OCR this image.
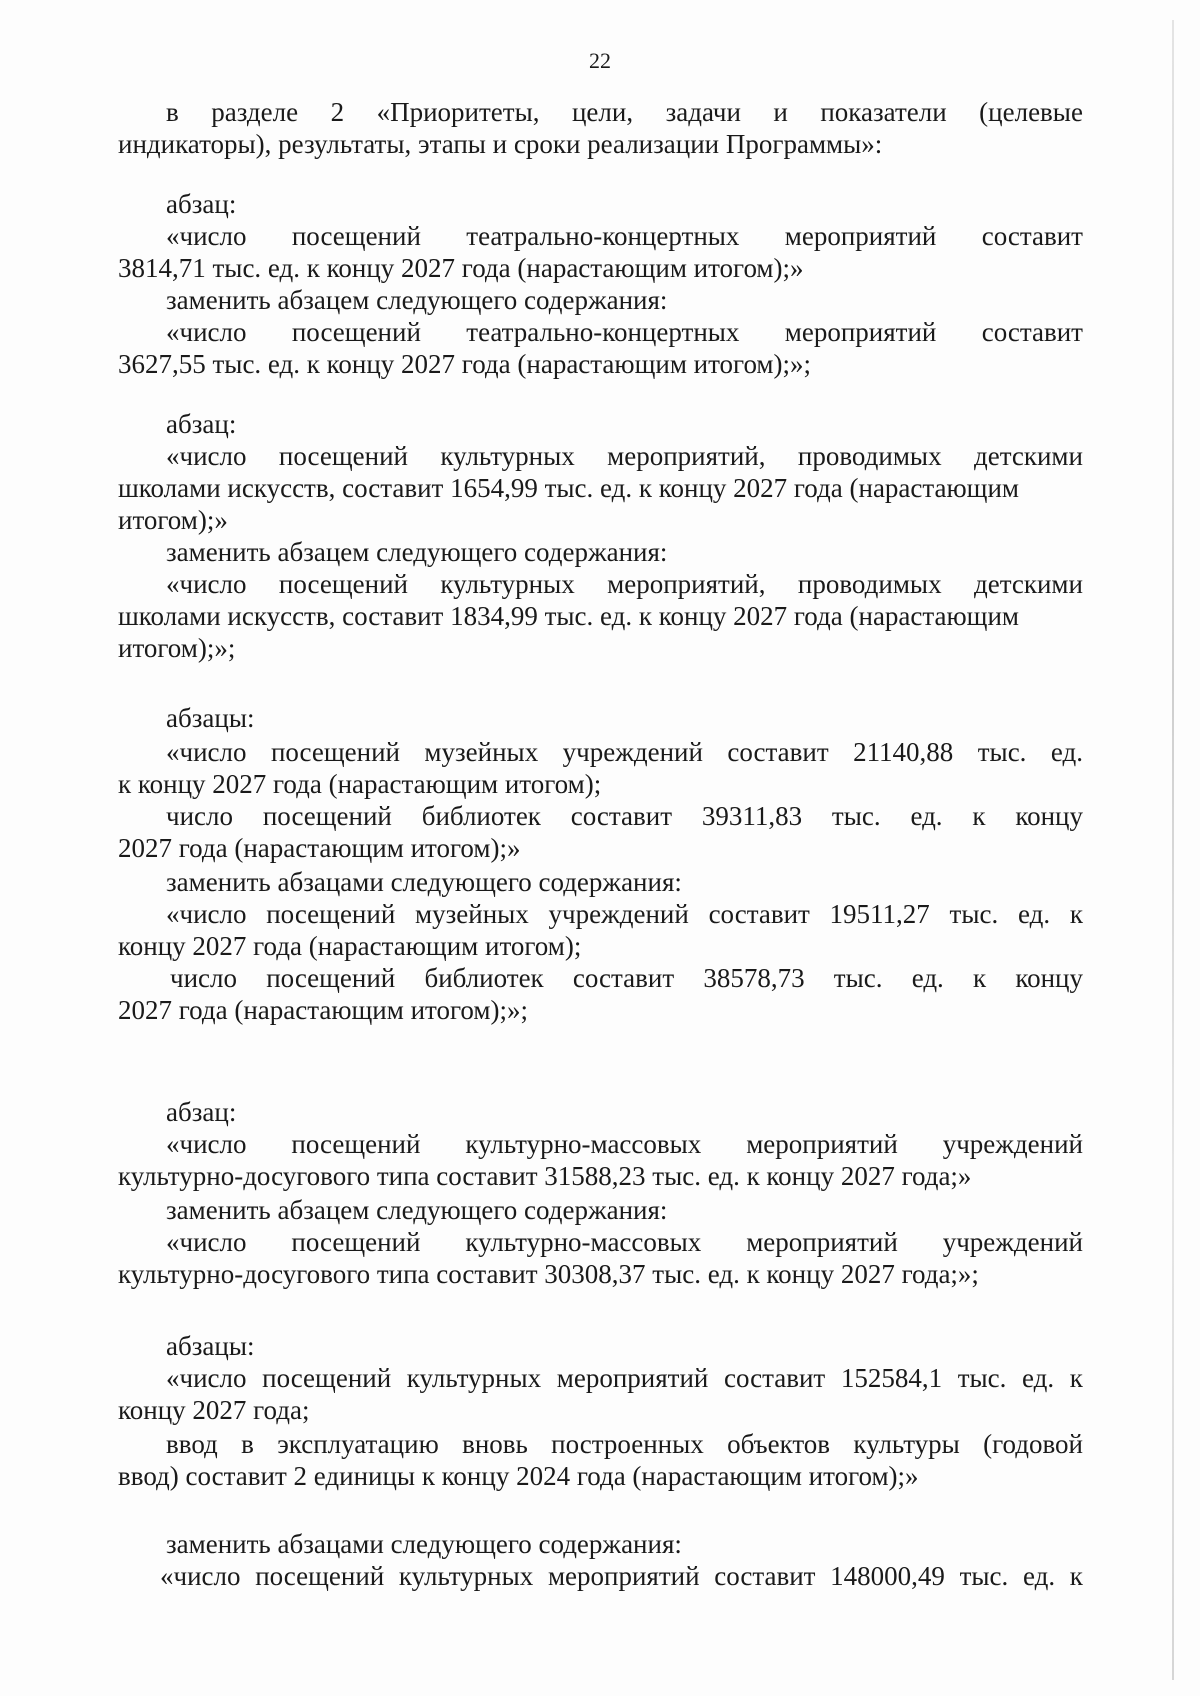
22
в разделе 2 «Приоритеты, цели, задачи и показатели (целевые
индикаторы), результаты, этапы и сроки реализации Программы»:
абзац:
«число посещений театрально-концертных мероприятий составит
3814,71 тыс. ед. к концу 2027 года (нарастающим итогом);»
заменить абзацем следующего содержания:
«число посещений театрально-концертных мероприятий составит
3627,55 тыс. ед. к концу 2027 года (нарастающим итогом);»;
абзац:
«число посещений культурных мероприятий, проводимых детскими
школами искусств, составит 1654,99 тыс. ед. к концу 2027 года (нарастающим
итогом);»
заменить абзацем следующего содержания:
«число посещений культурных мероприятий, проводимых детскими
школами искусств, составит 1834,99 тыс. ед. к концу 2027 года (нарастающим
итогом);»;
абзацы:
«число посещений музейных учреждений составит 21140,88 тыс. ед.
к концу 2027 года (нарастающим итогом);
число посещений библиотек составит 39311,83 тыс. ед. к концу
2027 года (нарастающим итогом);»
заменить абзацами следующего содержания:
«число посещений музейных учреждений составит 19511,27 тыс. ед. к
концу 2027 года (нарастающим итогом);
число посещений библиотек составит 38578,73 тыс. ед. к концу
2027 года (нарастающим итогом);»;
абзац:
«число посещений культурно-массовых мероприятий учреждений
культурно-досугового типа составит 31588,23 тыс. ед. к концу 2027 года;»
заменить абзацем следующего содержания:
«число посещений культурно-массовых мероприятий учреждений
культурно-досугового типа составит 30308,37 тыс. ед. к концу 2027 года;»;
абзацы:
«число посещений культурных мероприятий составит 152584,1 тыс. ед. к
концу 2027 года;
ввод в эксплуатацию вновь построенных объектов культуры (годовой
ввод) составит 2 единицы к концу 2024 года (нарастающим итогом);»
заменить абзацами следующего содержания:
«число посещений культурных мероприятий составит 148000,49 тыс. ед. к
